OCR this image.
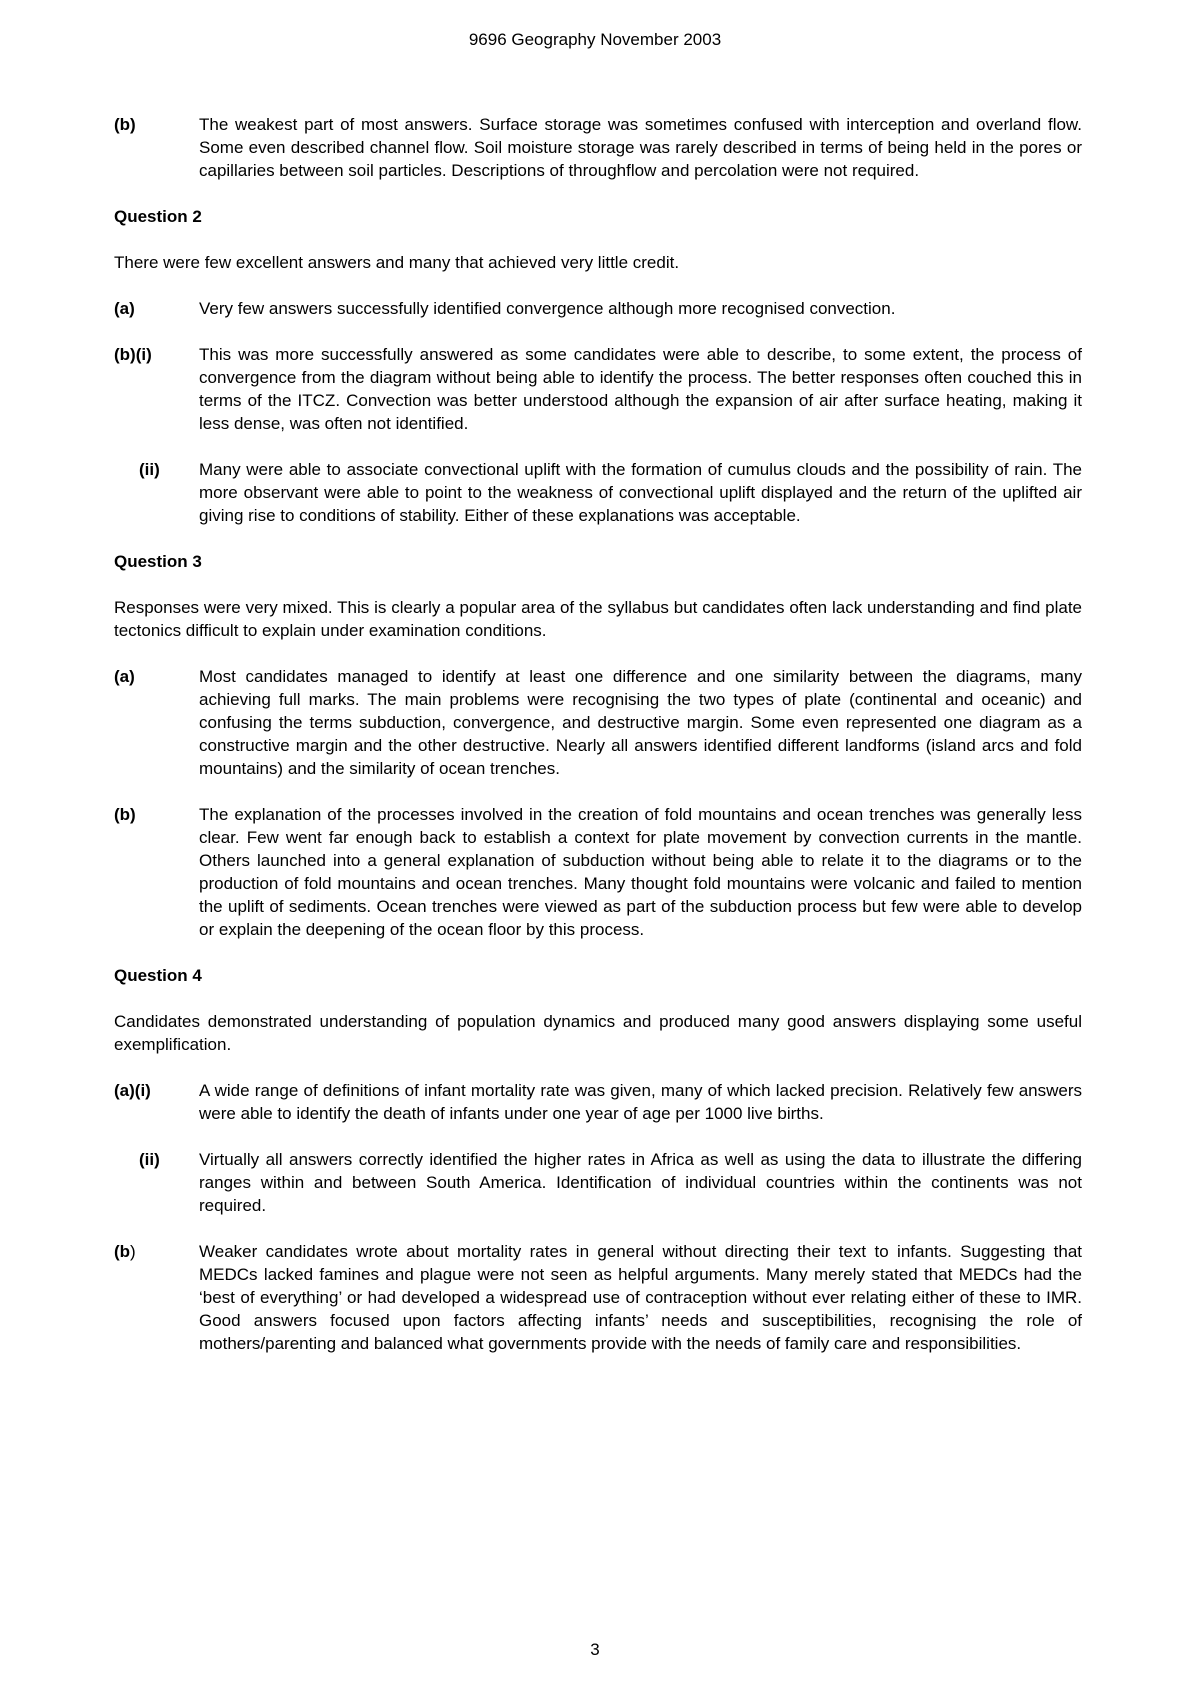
9696 Geography November 2003
(b)	The weakest part of most answers. Surface storage was sometimes confused with interception and overland flow. Some even described channel flow. Soil moisture storage was rarely described in terms of being held in the pores or capillaries between soil particles. Descriptions of throughflow and percolation were not required.
Question 2
There were few excellent answers and many that achieved very little credit.
(a)	Very few answers successfully identified convergence although more recognised convection.
(b)(i)	This was more successfully answered as some candidates were able to describe, to some extent, the process of convergence from the diagram without being able to identify the process. The better responses often couched this in terms of the ITCZ. Convection was better understood although the expansion of air after surface heating, making it less dense, was often not identified.
(ii)	Many were able to associate convectional uplift with the formation of cumulus clouds and the possibility of rain. The more observant were able to point to the weakness of convectional uplift displayed and the return of the uplifted air giving rise to conditions of stability. Either of these explanations was acceptable.
Question 3
Responses were very mixed. This is clearly a popular area of the syllabus but candidates often lack understanding and find plate tectonics difficult to explain under examination conditions.
(a)	Most candidates managed to identify at least one difference and one similarity between the diagrams, many achieving full marks. The main problems were recognising the two types of plate (continental and oceanic) and confusing the terms subduction, convergence, and destructive margin. Some even represented one diagram as a constructive margin and the other destructive. Nearly all answers identified different landforms (island arcs and fold mountains) and the similarity of ocean trenches.
(b)	The explanation of the processes involved in the creation of fold mountains and ocean trenches was generally less clear. Few went far enough back to establish a context for plate movement by convection currents in the mantle. Others launched into a general explanation of subduction without being able to relate it to the diagrams or to the production of fold mountains and ocean trenches. Many thought fold mountains were volcanic and failed to mention the uplift of sediments. Ocean trenches were viewed as part of the subduction process but few were able to develop or explain the deepening of the ocean floor by this process.
Question 4
Candidates demonstrated understanding of population dynamics and produced many good answers displaying some useful exemplification.
(a)(i)	A wide range of definitions of infant mortality rate was given, many of which lacked precision. Relatively few answers were able to identify the death of infants under one year of age per 1000 live births.
(ii)	Virtually all answers correctly identified the higher rates in Africa as well as using the data to illustrate the differing ranges within and between South America. Identification of individual countries within the continents was not required.
(b)	Weaker candidates wrote about mortality rates in general without directing their text to infants. Suggesting that MEDCs lacked famines and plague were not seen as helpful arguments. Many merely stated that MEDCs had the ‘best of everything’ or had developed a widespread use of contraception without ever relating either of these to IMR. Good answers focused upon factors affecting infants’ needs and susceptibilities, recognising the role of mothers/parenting and balanced what governments provide with the needs of family care and responsibilities.
3
